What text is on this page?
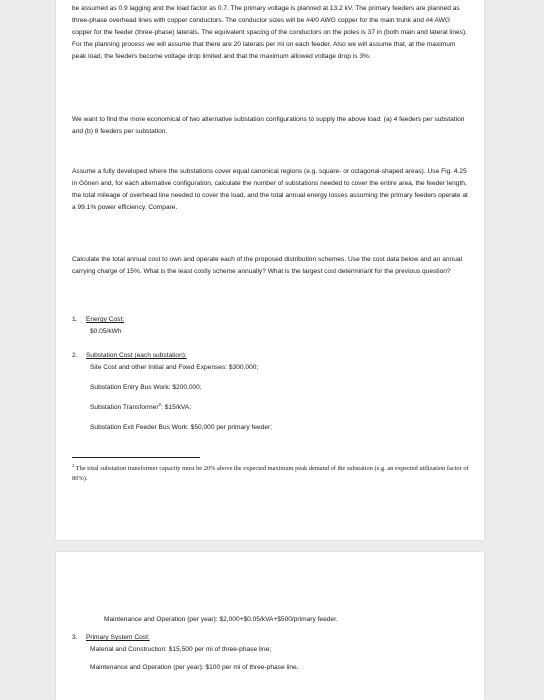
be assumed as 0.9 lagging and the load factor as 0.7. The primary voltage is planned at 13.2 kV. The primary feeders are planned as three-phase overhead lines with copper conductors. The conductor sizes will be #4/0 AWG copper for the main trunk and #4 AWG copper for the feeder (three-phase) laterals. The equivalent spacing of the conductors on the poles is 37 in (both main and lateral lines). For the planning process we will assume that there are 20 laterals per mi on each feeder. Also we will assume that, at the maximum peak load, the feeders become voltage drop limited and that the maximum allowed voltage drop is 3%.

We want to find the more economical of two alternative substation configurations to supply the above load: (a) 4 feeders per substation and (b) 8 feeders per substation.

Assume a fully developed where the substations cover equal canonical regions (e.g. square- or octagonal-shaped areas). Use Fig. 4.25 in Gönen and, for each alternative configuration, calculate the number of substations needed to cover the entire area, the feeder length, the total mileage of overhead line needed to cover the load, and the total annual energy losses assuming the primary feeders operate at a 99.1% power efficiency. Compare.

Calculate the total annual cost to own and operate each of the proposed distribution schemes. Use the cost data below and an annual carrying charge of 15%. What is the least costly scheme annually? What is the largest cost determinant for the previous question?

1. Energy Cost:

$0.05/kWh

2. Substation Cost (each substation):

Site Cost and other Initial and Fixed Expenses: $300,000;

Substation Entry Bus Work: $200,000;

Substation Transformer$^2$: $15/kVA;

Substation Exit Feeder Bus Work: $50,000 per primary feeder;

$^2$ The total substation transformer capacity must be 20% above the expected maximum peak demand of the substation (e.g. an expected utilization factor of 80%).

Maintenance and Operation (per year): $2,000+$0.05/kVA+$500/primary feeder.

3. Primary System Cost:

Material and Construction: $15,500 per mi of three-phase line;

Maintenance and Operation (per year): $100 per mi of three-phase line.
